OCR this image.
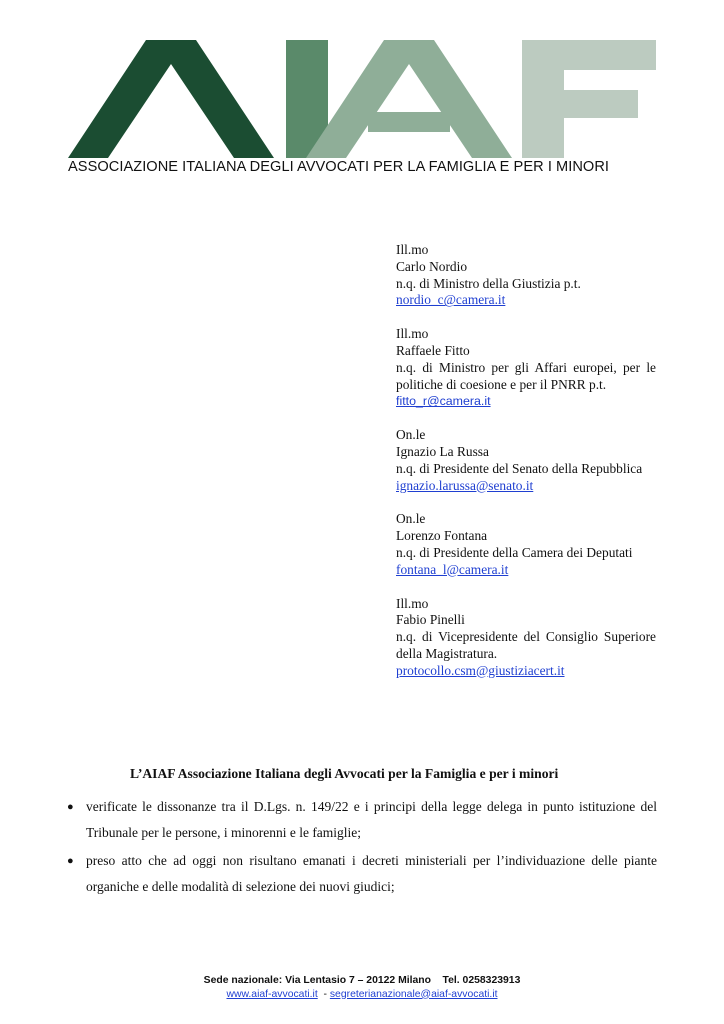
ASSOCIAZIONE ITALIANA DEGLI AVVOCATI PER LA FAMIGLIA E PER I MINORI
Ill.mo
Carlo Nordio
n.q. di Ministro della Giustizia p.t.
nordio_c@camera.it
Ill.mo
Raffaele Fitto
n.q. di Ministro per gli Affari europei, per le politiche di coesione e per il PNRR p.t.
fitto_r@camera.it
On.le
Ignazio La Russa
n.q. di Presidente del Senato della Repubblica
ignazio.larussa@senato.it
On.le
Lorenzo Fontana
n.q. di Presidente della Camera dei Deputati
fontana_l@camera.it
Ill.mo
Fabio Pinelli
n.q. di Vicepresidente del Consiglio Superiore della Magistratura.
protocollo.csm@giustiziacert.it
L’AIAF Associazione Italiana degli Avvocati per la Famiglia e per i minori
● verificate le dissonanze tra il D.Lgs. n. 149/22 e i principi della legge delega in punto istituzione del Tribunale per le persone, i minorenni e le famiglie;
● preso atto che ad oggi non risultano emanati i decreti ministeriali per l’individuazione delle piante organiche e delle modalità di selezione dei nuovi giudici;
Sede nazionale: Via Lentasio 7 – 20122 Milano    Tel. 0258323913
www.aiaf-avvocati.it  - segreterianazionale@aiaf-avvocati.it
